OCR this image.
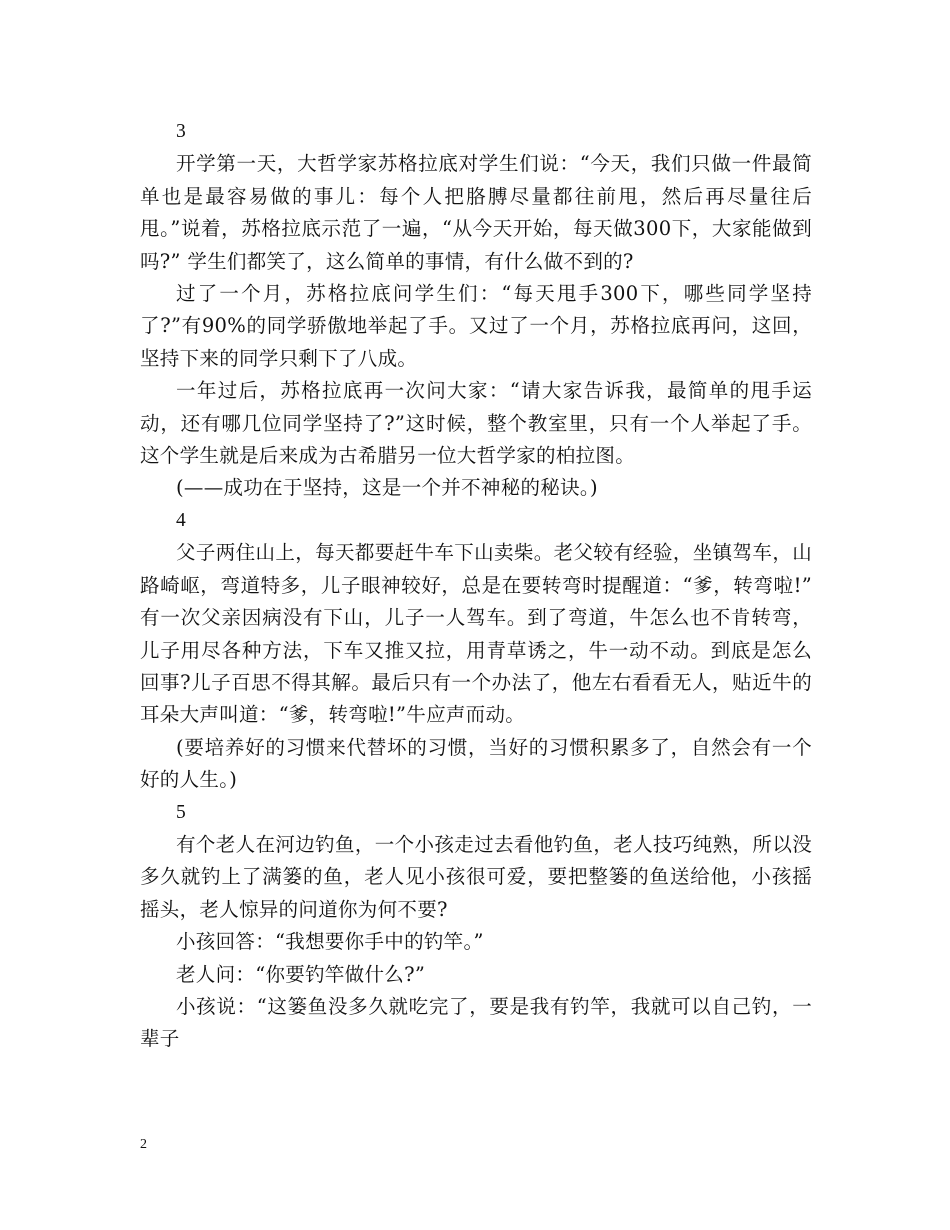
3

开学第一天，大哲学家苏格拉底对学生们说：“今天，我们只做一件最简单也是最容易做的事儿：每个人把胳膊尽量都往前甩，然后再尽量往后甩。”说着，苏格拉底示范了一遍，“从今天开始，每天做300下，大家能做到吗?” 学生们都笑了，这么简单的事情，有什么做不到的?

过了一个月，苏格拉底问学生们：“每天甩手300下，哪些同学坚持了?”有90%的同学骄傲地举起了手。又过了一个月，苏格拉底再问，这回，坚持下来的同学只剩下了八成。

一年过后，苏格拉底再一次问大家：“请大家告诉我，最简单的甩手运动，还有哪几位同学坚持了?”这时候，整个教室里，只有一个人举起了手。这个学生就是后来成为古希腊另一位大哲学家的柏拉图。

(——成功在于坚持，这是一个并不神秘的秘诀。)

4

父子两住山上，每天都要赶牛车下山卖柴。老父较有经验，坐镇驾车，山路崎岖，弯道特多，儿子眼神较好，总是在要转弯时提醒道：“爹，转弯啦!” 有一次父亲因病没有下山，儿子一人驾车。到了弯道，牛怎么也不肯转弯，儿子用尽各种方法，下车又推又拉，用青草诱之，牛一动不动。到底是怎么回事?儿子百思不得其解。最后只有一个办法了，他左右看看无人，贴近牛的耳朵大声叫道：“爹，转弯啦!”牛应声而动。

(要培养好的习惯来代替坏的习惯，当好的习惯积累多了，自然会有一个好的人生。)

5

有个老人在河边钓鱼，一个小孩走过去看他钓鱼，老人技巧纯熟，所以没多久就钓上了满篓的鱼，老人见小孩很可爱，要把整篓的鱼送给他，小孩摇摇头，老人惊异的问道你为何不要?

小孩回答：“我想要你手中的钓竿。”

老人问：“你要钓竿做什么?”

小孩说：“这篓鱼没多久就吃完了，要是我有钓竿，我就可以自己钓，一辈子

2
